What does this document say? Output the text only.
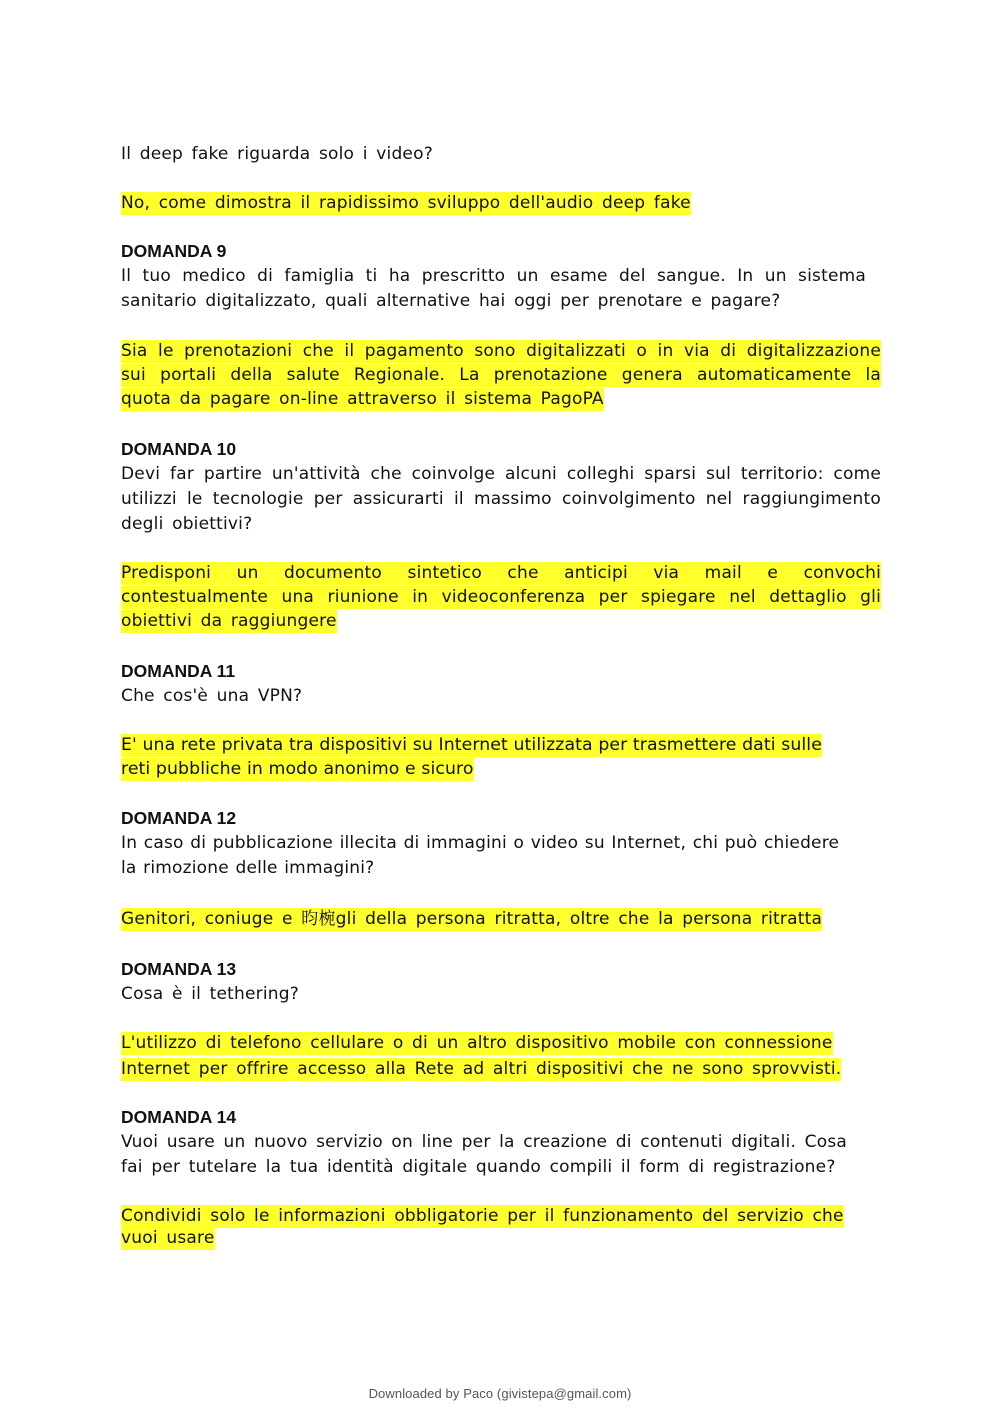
Il deep fake riguarda solo i video?

No, come dimostra il rapidissimo sviluppo dell'audio deep fake

DOMANDA 9

Il tuo medico di famiglia ti ha prescritto un esame del sangue. In un sistema sanitario digitalizzato, quali alternative hai oggi per prenotare e pagare?

Sia le prenotazioni che il pagamento sono digitalizzati o in via di digitalizzazione
sui portali della salute Regionale. La prenotazione genera automaticamente la
quota da pagare on-line attraverso il sistema PagoPA
DOMANDA 10

Devi far partire un'attività che coinvolge alcuni colleghi sparsi sul territorio: come utilizzi le tecnologie per assicurarti il massimo coinvolgimento nel raggiungimento degli obiettivi?

Predisponi un documento sintetico che anticipi via mail e convochi
contestualmente una riunione in videoconferenza per spiegare nel dettaglio gli
obiettivi da raggiungere
DOMANDA 11

Che cos'è una VPN?

E' una rete privata tra dispositivi su Internet utilizzata per trasmettere dati sulle
reti pubbliche in modo anonimo e sicuro
DOMANDA 12
In caso di pubblicazione illecita di immagini o video su Internet, chi può chiedere
la rimozione delle immagini?
Genitori, coniuge e 昀椀gli della persona ritratta, oltre che la persona ritratta
DOMANDA 13

Cosa è il tethering?

L'utilizzo di telefono cellulare o di un altro dispositivo mobile con connessione
Internet per offrire accesso alla Rete ad altri dispositivi che ne sono sprovvisti.
DOMANDA 14
Vuoi usare un nuovo servizio on line per la creazione di contenuti digitali. Cosa
fai per tutelare la tua identità digitale quando compili il form di registrazione?
Condividi solo le informazioni obbligatorie per il funzionamento del servizio che
vuoi usare
Downloaded by Paco (givistepa@gmail.com)
